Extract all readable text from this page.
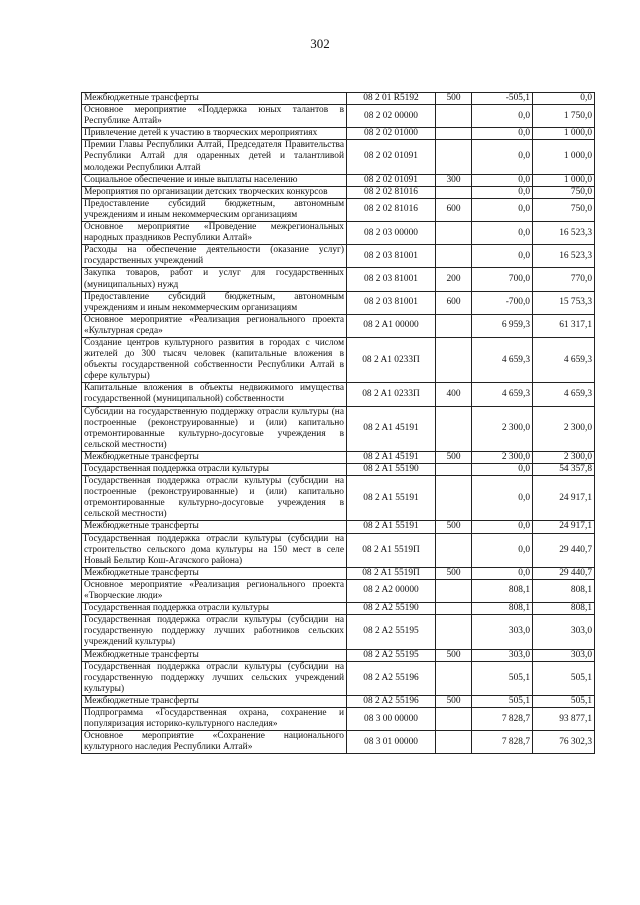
302
Межбюджетные трансферты	08 2 01 R5192	500	-505,1	0,0
Основное мероприятие «Поддержка юных талантов в Республике Алтай»	08 2 02 00000		0,0	1 750,0
Привлечение детей к участию в творческих мероприятиях	08 2 02 01000		0,0	1 000,0
Премии Главы Республики Алтай, Председателя Правительства Республики Алтай для одаренных детей и талантливой молодежи Республики Алтай	08 2 02 01091		0,0	1 000,0
Социальное обеспечение и иные выплаты населению	08 2 02 01091	300	0,0	1 000,0
Мероприятия по организации детских творческих конкурсов	08 2 02 81016		0,0	750,0
Предоставление субсидий бюджетным, автономным учреждениям и иным некоммерческим организациям	08 2 02 81016	600	0,0	750,0
Основное мероприятие «Проведение межрегиональных народных праздников Республики Алтай»	08 2 03 00000		0,0	16 523,3
Расходы на обеспечение деятельности (оказание услуг) государственных учреждений	08 2 03 81001		0,0	16 523,3
Закупка товаров, работ и услуг для государственных (муниципальных) нужд	08 2 03 81001	200	700,0	770,0
Предоставление субсидий бюджетным, автономным учреждениям и иным некоммерческим организациям	08 2 03 81001	600	-700,0	15 753,3
Основное мероприятие «Реализация регионального проекта «Культурная среда»	08 2 A1 00000		6 959,3	61 317,1
Создание центров культурного развития в городах с числом жителей до 300 тысяч человек (капитальные вложения в объекты государственной собственности Республики Алтай в сфере культуры)	08 2 A1 0233П		4 659,3	4 659,3
Капитальные вложения в объекты недвижимого имущества государственной (муниципальной) собственности	08 2 A1 0233П	400	4 659,3	4 659,3
Субсидии на государственную поддержку отрасли культуры (на построенные (реконструированные) и (или) капитально отремонтированные культурно-досуговые учреждения в сельской местности)	08 2 A1 45191		2 300,0	2 300,0
Межбюджетные трансферты	08 2 A1 45191	500	2 300,0	2 300,0
Государственная поддержка отрасли культуры	08 2 A1 55190		0,0	54 357,8
Государственная поддержка отрасли культуры (субсидии на построенные (реконструированные) и (или) капитально отремонтированные культурно-досуговые учреждения в сельской местности)	08 2 A1 55191		0,0	24 917,1
Межбюджетные трансферты	08 2 A1 55191	500	0,0	24 917,1
Государственная поддержка отрасли культуры (субсидии на строительство сельского дома культуры на 150 мест в селе Новый Бельтир Кош-Агачского района)	08 2 A1 5519П		0,0	29 440,7
Межбюджетные трансферты	08 2 A1 5519П	500	0,0	29 440,7
Основное мероприятие «Реализация регионального проекта «Творческие люди»	08 2 A2 00000		808,1	808,1
Государственная поддержка отрасли культуры	08 2 A2 55190		808,1	808,1
Государственная поддержка отрасли культуры (субсидии на государственную поддержку лучших работников сельских учреждений культуры)	08 2 A2 55195		303,0	303,0
Межбюджетные трансферты	08 2 A2 55195	500	303,0	303,0
Государственная поддержка отрасли культуры (субсидии на государственную поддержку лучших сельских учреждений культуры)	08 2 A2 55196		505,1	505,1
Межбюджетные трансферты	08 2 A2 55196	500	505,1	505,1
Подпрограмма «Государственная охрана, сохранение и популяризация историко-культурного наследия»	08 3 00 00000		7 828,7	93 877,1
Основное мероприятие «Сохранение национального культурного наследия Республики Алтай»	08 3 01 00000		7 828,7	76 302,3
